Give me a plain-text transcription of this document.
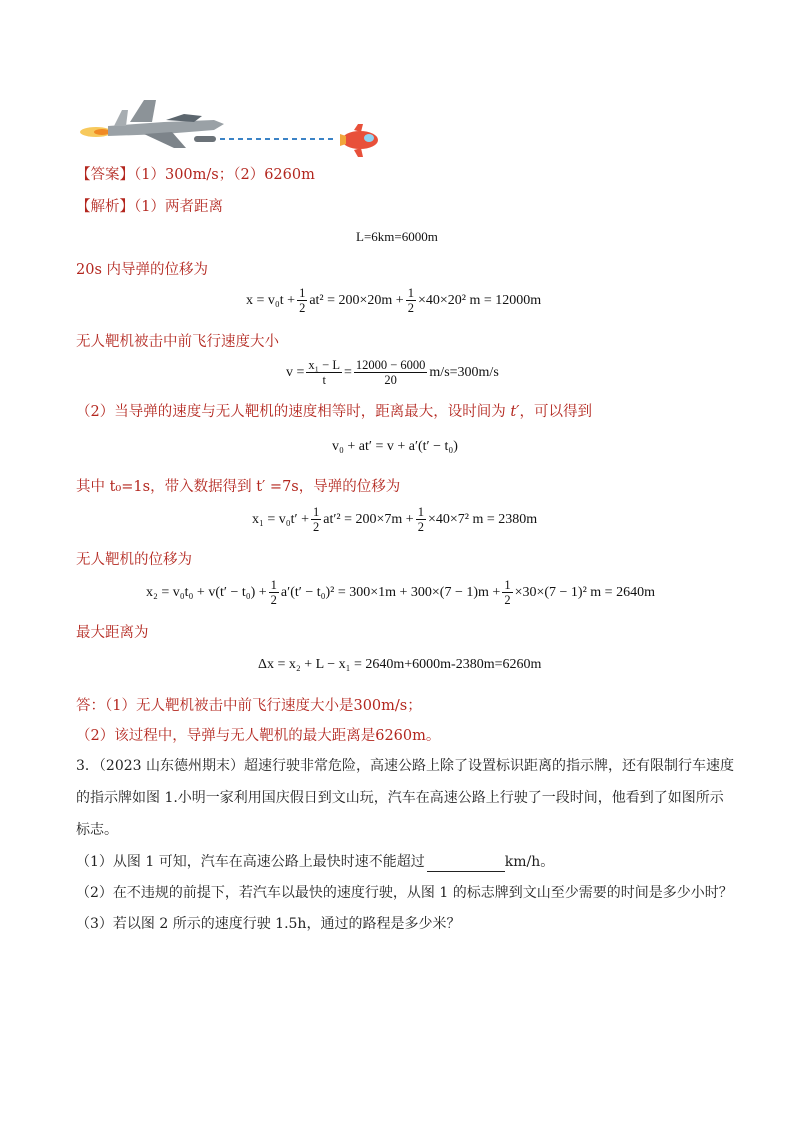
【答案】（1）300m/s；（2）6260m
【解析】（1）两者距离
L=6km=6000m
20s 内导弹的位移为
$x = v_0t + \frac{1}{2} at^2 = 200\times 20m + \frac{1}{2} \times 40\times 20^2$ m = 12000m
无人靶机被击中前飞行速度大小
$v = \frac{\text{x₁ − L}}{t} = \frac{12000 - 6000}{20} m/s=300m/s$
（2）当导弹的速度与无人靶机的速度相等时，距离最大，设时间为 t′，可以得到
v₀ + at′ = v + a′(t′ − t₀)
其中 t₀=1s，带入数据得到 t′ =7s，导弹的位移为
$x_1 = v_0t' + \frac{1}{2} at'^2 = 200\times 7m + \frac{1}{2} \times 40\times 7^2$ m = 2380m
无人靶机的位移为
$x_2 = v_0t_0 + v(t' - t_0) + \frac{1}{2} a'(t' - t_0)^2 = 300\times 1m + 300\times(7 - 1)m + \frac{1}{2} \times 30\times(7 - 1)^2$ m = 2640m
最大距离为
Δx = x₂ + L − x₁ = 2640m+6000m-2380m=6260m
答：（1）无人靶机被击中前飞行速度大小是300m/s；
（2）该过程中，导弹与无人靶机的最大距离是6260m。
3．（2023 山东德州期末）超速行驶非常危险，高速公路上除了设置标识距离的指示牌，还有限制行车速度
的指示牌如图 1.小明一家利用国庆假日到文山玩，汽车在高速公路上行驶了一段时间，他看到了如图所示
标志。
（1）从图 1 可知，汽车在高速公路上最快时速不能超过	km/h。
（2）在不违规的前提下，若汽车以最快的速度行驶，从图 1 的标志牌到文山至少需要的时间是多少小时？
（3）若以图 2 所示的速度行驶 1.5h，通过的路程是多少米？
